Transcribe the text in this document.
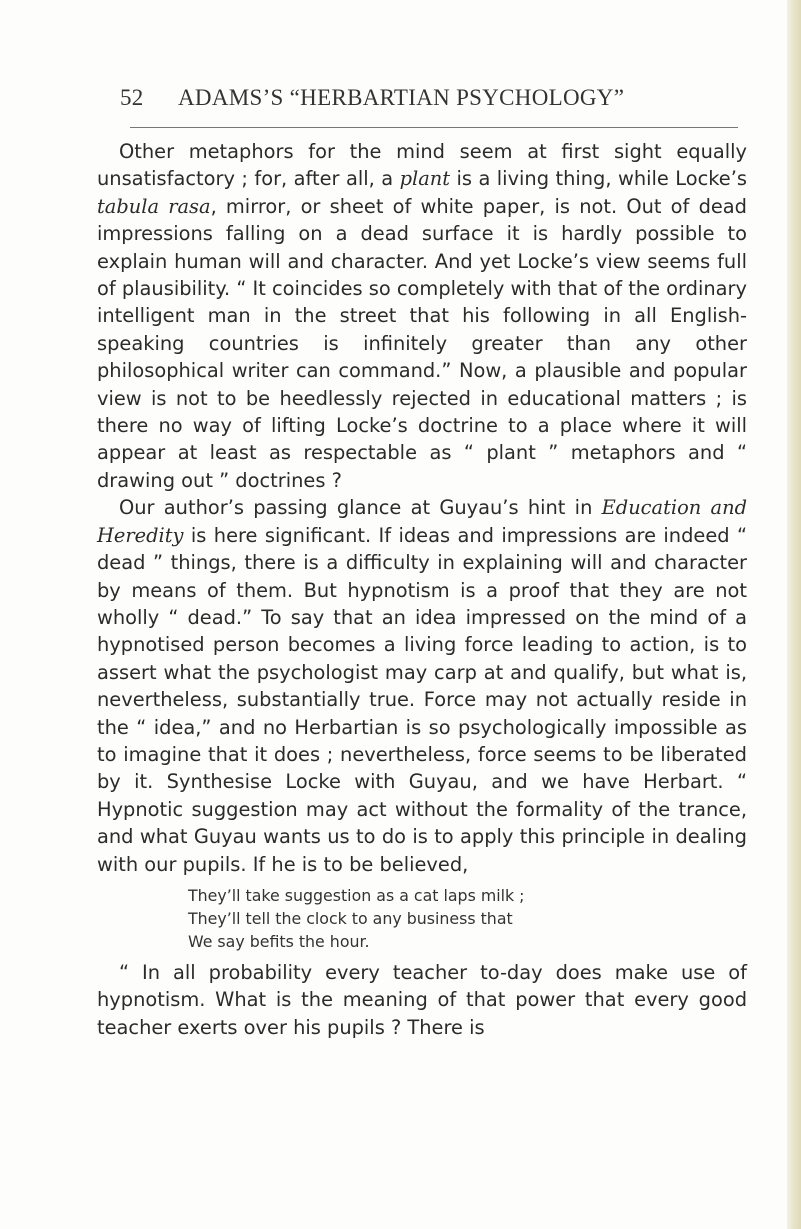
52 ADAMS’S “HERBARTIAN PSYCHOLOGY”

Other metaphors for the mind seem at first sight equally unsatisfactory ; for, after all, a plant is a living thing, while Locke’s tabula rasa, mirror, or sheet of white paper, is not. Out of dead impressions falling on a dead surface it is hardly possible to explain human will and character. And yet Locke’s view seems full of plausibility. “ It coincides so completely with that of the ordinary intelligent man in the street that his following in all English-speaking countries is infinitely greater than any other philosophical writer can command.” Now, a plausible and popular view is not to be heedlessly rejected in educational matters ; is there no way of lifting Locke’s doctrine to a place where it will appear at least as respectable as “ plant ” metaphors and “ drawing out ” doctrines ?

Our author’s passing glance at Guyau’s hint in Education and Heredity is here significant. If ideas and impressions are indeed “ dead ” things, there is a difficulty in explaining will and character by means of them. But hypnotism is a proof that they are not wholly “ dead.” To say that an idea impressed on the mind of a hypnotised person becomes a living force leading to action, is to assert what the psychologist may carp at and qualify, but what is, nevertheless, substantially true. Force may not actually reside in the “ idea,” and no Herbartian is so psychologically impossible as to imagine that it does ; nevertheless, force seems to be liberated by it. Synthesise Locke with Guyau, and we have Herbart. “ Hypnotic suggestion may act without the formality of the trance, and what Guyau wants us to do is to apply this principle in dealing with our pupils. If he is to be believed,

They’ll take suggestion as a cat laps milk ;
They’ll tell the clock to any business that
We say befits the hour.

“ In all probability every teacher to-day does make use of hypnotism. What is the meaning of that power that every good teacher exerts over his pupils ? There is
